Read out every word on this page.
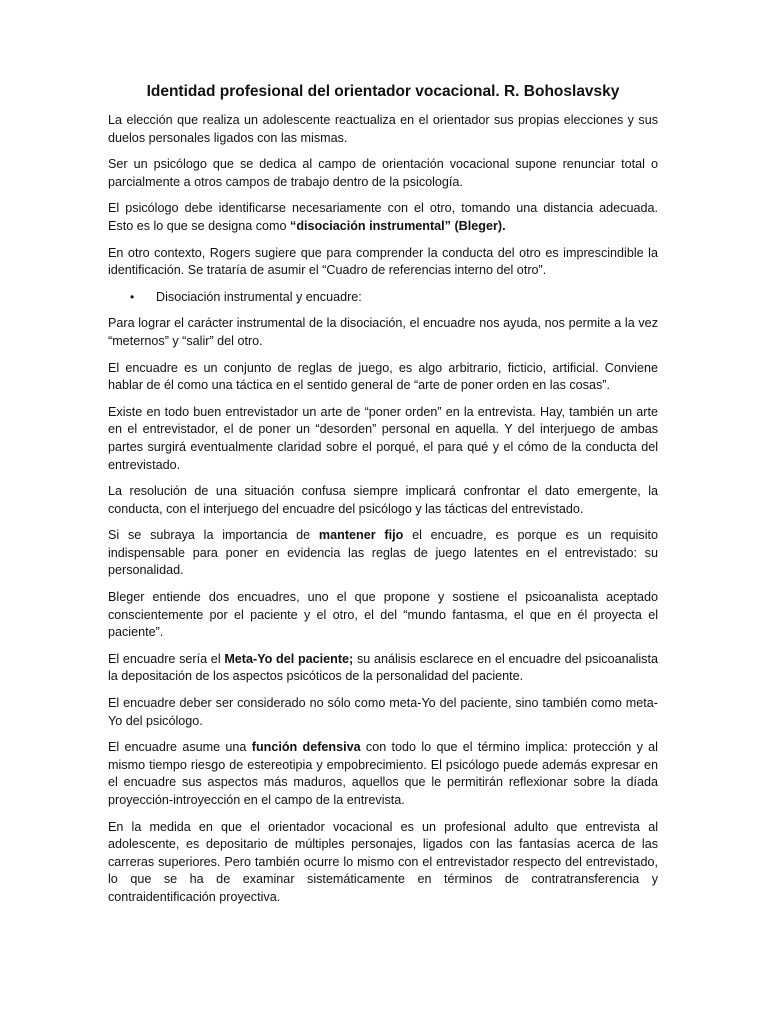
Identidad profesional del orientador vocacional. R. Bohoslavsky
La elección que realiza un adolescente reactualiza en el orientador sus propias elecciones y sus duelos personales ligados con las mismas.
Ser un psicólogo que se dedica al campo de orientación vocacional supone renunciar total o parcialmente a otros campos de trabajo dentro de la psicología.
El psicólogo debe identificarse necesariamente con el otro, tomando una distancia adecuada. Esto es lo que se designa como “disociación instrumental” (Bleger).
En otro contexto, Rogers sugiere que para comprender la conducta del otro es imprescindible la identificación. Se trataría de asumir el “Cuadro de referencias interno del otro”.
•	Disociación instrumental y encuadre:
Para lograr el carácter instrumental de la disociación, el encuadre nos ayuda, nos permite a la vez “meternos” y “salir” del otro.
El encuadre es un conjunto de reglas de juego, es algo arbitrario, ficticio, artificial. Conviene hablar de él como una táctica en el sentido general de “arte de poner orden en las cosas”.
Existe en todo buen entrevistador un arte de “poner orden” en la entrevista. Hay, también un arte en el entrevistador, el de poner un “desorden” personal en aquella. Y del interjuego de ambas partes surgirá eventualmente claridad sobre el porqué, el para qué y el cómo de la conducta del entrevistado.
La resolución de una situación confusa siempre implicará confrontar el dato emergente, la conducta, con el interjuego del encuadre del psicólogo y las tácticas del entrevistado.
Si se subraya la importancia de mantener fijo el encuadre, es porque es un requisito indispensable para poner en evidencia las reglas de juego latentes en el entrevistado: su personalidad.
Bleger entiende dos encuadres, uno el que propone y sostiene el psicoanalista aceptado conscientemente por el paciente y el otro, el del “mundo fantasma, el que en él proyecta el paciente”.
El encuadre sería el Meta-Yo del paciente; su análisis esclarece en el encuadre del psicoanalista la depositación de los aspectos psicóticos de la personalidad del paciente.
El encuadre deber ser considerado no sólo como meta-Yo del paciente, sino también como meta-Yo del psicólogo.
El encuadre asume una función defensiva con todo lo que el término implica: protección y al mismo tiempo riesgo de estereotipia y empobrecimiento. El psicólogo puede además expresar en el encuadre sus aspectos más maduros, aquellos que le permitirán reflexionar sobre la díada proyección-introyección en el campo de la entrevista.
En la medida en que el orientador vocacional es un profesional adulto que entrevista al adolescente, es depositario de múltiples personajes, ligados con las fantasías acerca de las carreras superiores. Pero también ocurre lo mismo con el entrevistador respecto del entrevistado, lo que se ha de examinar sistemáticamente en términos de contratransferencia y contraidentificación proyectiva.
